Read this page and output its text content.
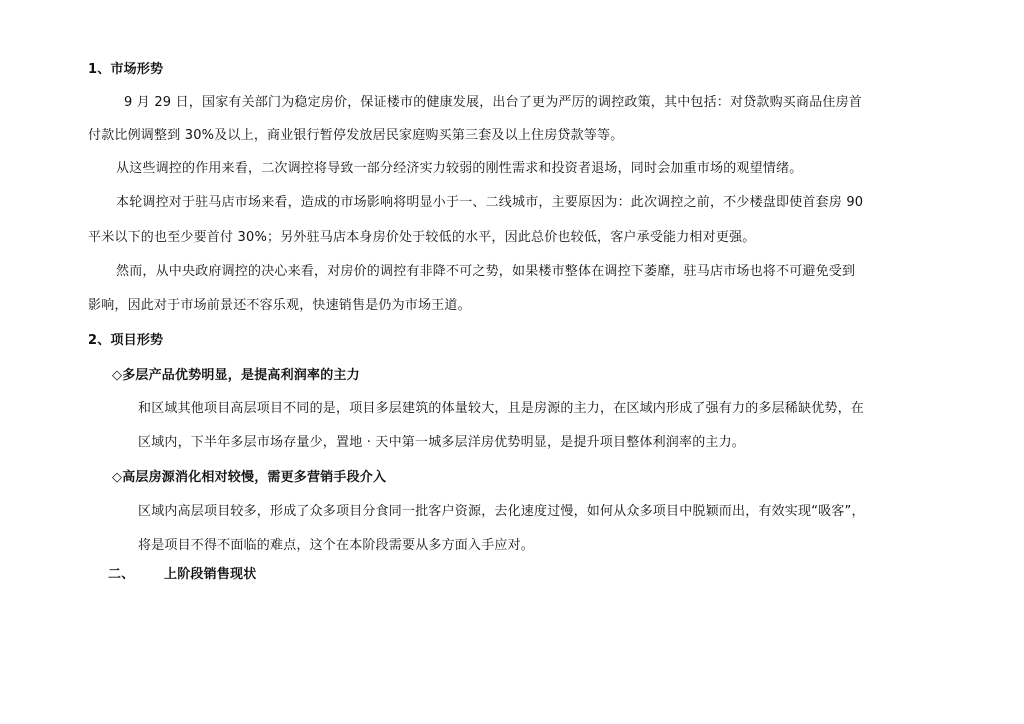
1、市场形势
9 月 29 日，国家有关部门为稳定房价，保证楼市的健康发展，出台了更为严厉的调控政策，其中包括：对贷款购买商品住房首
付款比例调整到 30%及以上，商业银行暂停发放居民家庭购买第三套及以上住房贷款等等。
从这些调控的作用来看，二次调控将导致一部分经济实力较弱的刚性需求和投资者退场，同时会加重市场的观望情绪。
本轮调控对于驻马店市场来看，造成的市场影响将明显小于一、二线城市，主要原因为：此次调控之前，不少楼盘即使首套房 90
平米以下的也至少要首付 30%；另外驻马店本身房价处于较低的水平，因此总价也较低，客户承受能力相对更强。
然而，从中央政府调控的决心来看，对房价的调控有非降不可之势，如果楼市整体在调控下萎靡，驻马店市场也将不可避免受到
影响，因此对于市场前景还不容乐观，快速销售是仍为市场王道。
2、项目形势
◇多层产品优势明显，是提高利润率的主力
和区域其他项目高层项目不同的是，项目多层建筑的体量较大，且是房源的主力，在区域内形成了强有力的多层稀缺优势，在
区域内，下半年多层市场存量少，置地 · 天中第一城多层洋房优势明显，是提升项目整体利润率的主力。
◇高层房源消化相对较慢，需更多营销手段介入
区域内高层项目较多，形成了众多项目分食同一批客户资源，去化速度过慢，如何从众多项目中脱颖而出，有效实现“吸客”，
将是项目不得不面临的难点，这个在本阶段需要从多方面入手应对。
二、 上阶段销售现状
